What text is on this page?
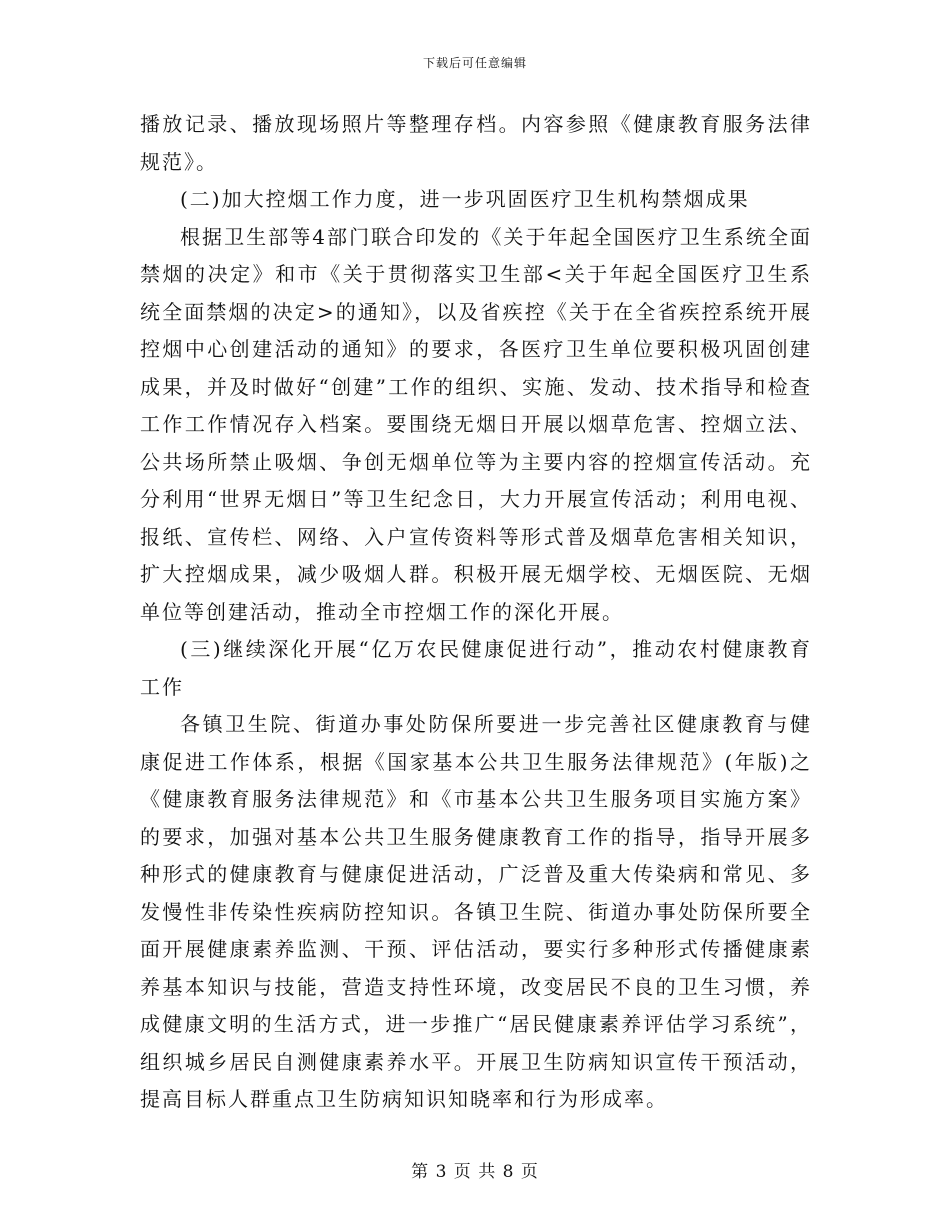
下载后可任意编辑

播放记录、播放现场照片等整理存档。内容参照《健康教育服务法律规范》。

(二)加大控烟工作力度，进一步巩固医疗卫生机构禁烟成果

根据卫生部等4部门联合印发的《关于年起全国医疗卫生系统全面禁烟的决定》和市《关于贯彻落实卫生部<关于年起全国医疗卫生系统全面禁烟的决定>的通知》，以及省疾控《关于在全省疾控系统开展控烟中心创建活动的通知》的要求，各医疗卫生单位要积极巩固创建成果，并及时做好“创建”工作的组织、实施、发动、技术指导和检查工作工作情况存入档案。要围绕无烟日开展以烟草危害、控烟立法、公共场所禁止吸烟、争创无烟单位等为主要内容的控烟宣传活动。充分利用“世界无烟日”等卫生纪念日，大力开展宣传活动；利用电视、报纸、宣传栏、网络、入户宣传资料等形式普及烟草危害相关知识，扩大控烟成果，减少吸烟人群。积极开展无烟学校、无烟医院、无烟单位等创建活动，推动全市控烟工作的深化开展。

(三)继续深化开展“亿万农民健康促进行动”，推动农村健康教育工作

各镇卫生院、街道办事处防保所要进一步完善社区健康教育与健康促进工作体系，根据《国家基本公共卫生服务法律规范》(年版)之《健康教育服务法律规范》和《市基本公共卫生服务项目实施方案》的要求，加强对基本公共卫生服务健康教育工作的指导，指导开展多种形式的健康教育与健康促进活动，广泛普及重大传染病和常见、多发慢性非传染性疾病防控知识。各镇卫生院、街道办事处防保所要全面开展健康素养监测、干预、评估活动，要实行多种形式传播健康素养基本知识与技能，营造支持性环境，改变居民不良的卫生习惯，养成健康文明的生活方式，进一步推广“居民健康素养评估学习系统”，组织城乡居民自测健康素养水平。开展卫生防病知识宣传干预活动，提高目标人群重点卫生防病知识知晓率和行为形成率。

第 3 页 共 8 页
